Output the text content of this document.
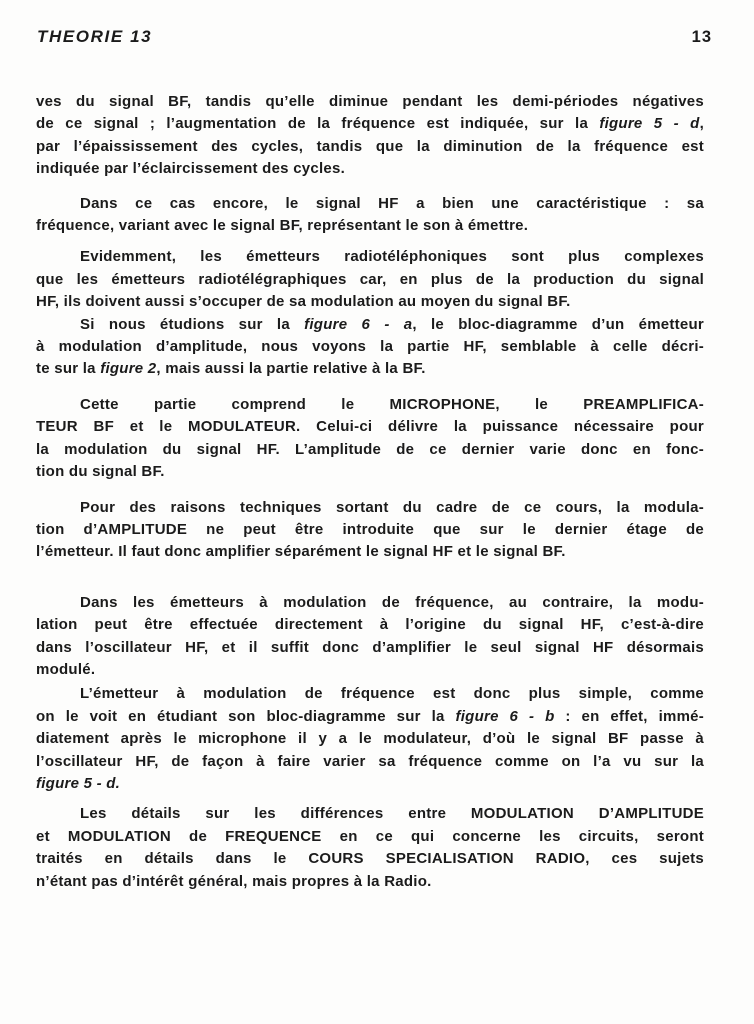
THEORIE 13	13
ves du signal BF, tandis qu’elle diminue pendant les demi-périodes négatives
de ce signal ; l’augmentation de la fréquence est indiquée, sur la figure 5 - d,
par l’épaississement des cycles, tandis que la diminution de la fréquence est
indiquée par l’éclaircissement des cycles.
Dans ce cas encore, le signal HF a bien une caractéristique : sa
fréquence, variant avec le signal BF, représentant le son à émettre.
Evidemment, les émetteurs radiotéléphoniques sont plus complexes
que les émetteurs radiotélégraphiques car, en plus de la production du signal
HF, ils doivent aussi s’occuper de sa modulation au moyen du signal BF.
Si nous étudions sur la figure 6 - a, le bloc-diagramme d’un émetteur
à modulation d’amplitude, nous voyons la partie HF, semblable à celle décri-
te sur la figure 2, mais aussi la partie relative à la BF.
Cette partie comprend le MICROPHONE, le PREAMPLIFICA-
TEUR BF et le MODULATEUR. Celui-ci délivre la puissance nécessaire pour
la modulation du signal HF. L’amplitude de ce dernier varie donc en fonc-
tion du signal BF.
Pour des raisons techniques sortant du cadre de ce cours, la modula-
tion d’AMPLITUDE ne peut être introduite que sur le dernier étage de
l’émetteur. Il faut donc amplifier séparément le signal HF et le signal BF.
Dans les émetteurs à modulation de fréquence, au contraire, la modu-
lation peut être effectuée directement à l’origine du signal HF, c’est-à-dire
dans l’oscillateur HF, et il suffit donc d’amplifier le seul signal HF désormais
modulé.
L’émetteur à modulation de fréquence est donc plus simple, comme
on le voit en étudiant son bloc-diagramme sur la figure 6 - b : en effet, immé-
diatement après le microphone il y a le modulateur, d’où le signal BF passe à
l’oscillateur HF, de façon à faire varier sa fréquence comme on l’a vu sur la
figure 5 - d.
Les détails sur les différences entre MODULATION D’AMPLITUDE
et MODULATION de FREQUENCE en ce qui concerne les circuits, seront
traités en détails dans le COURS SPECIALISATION RADIO, ces sujets
n’étant pas d’intérêt général, mais propres à la Radio.
